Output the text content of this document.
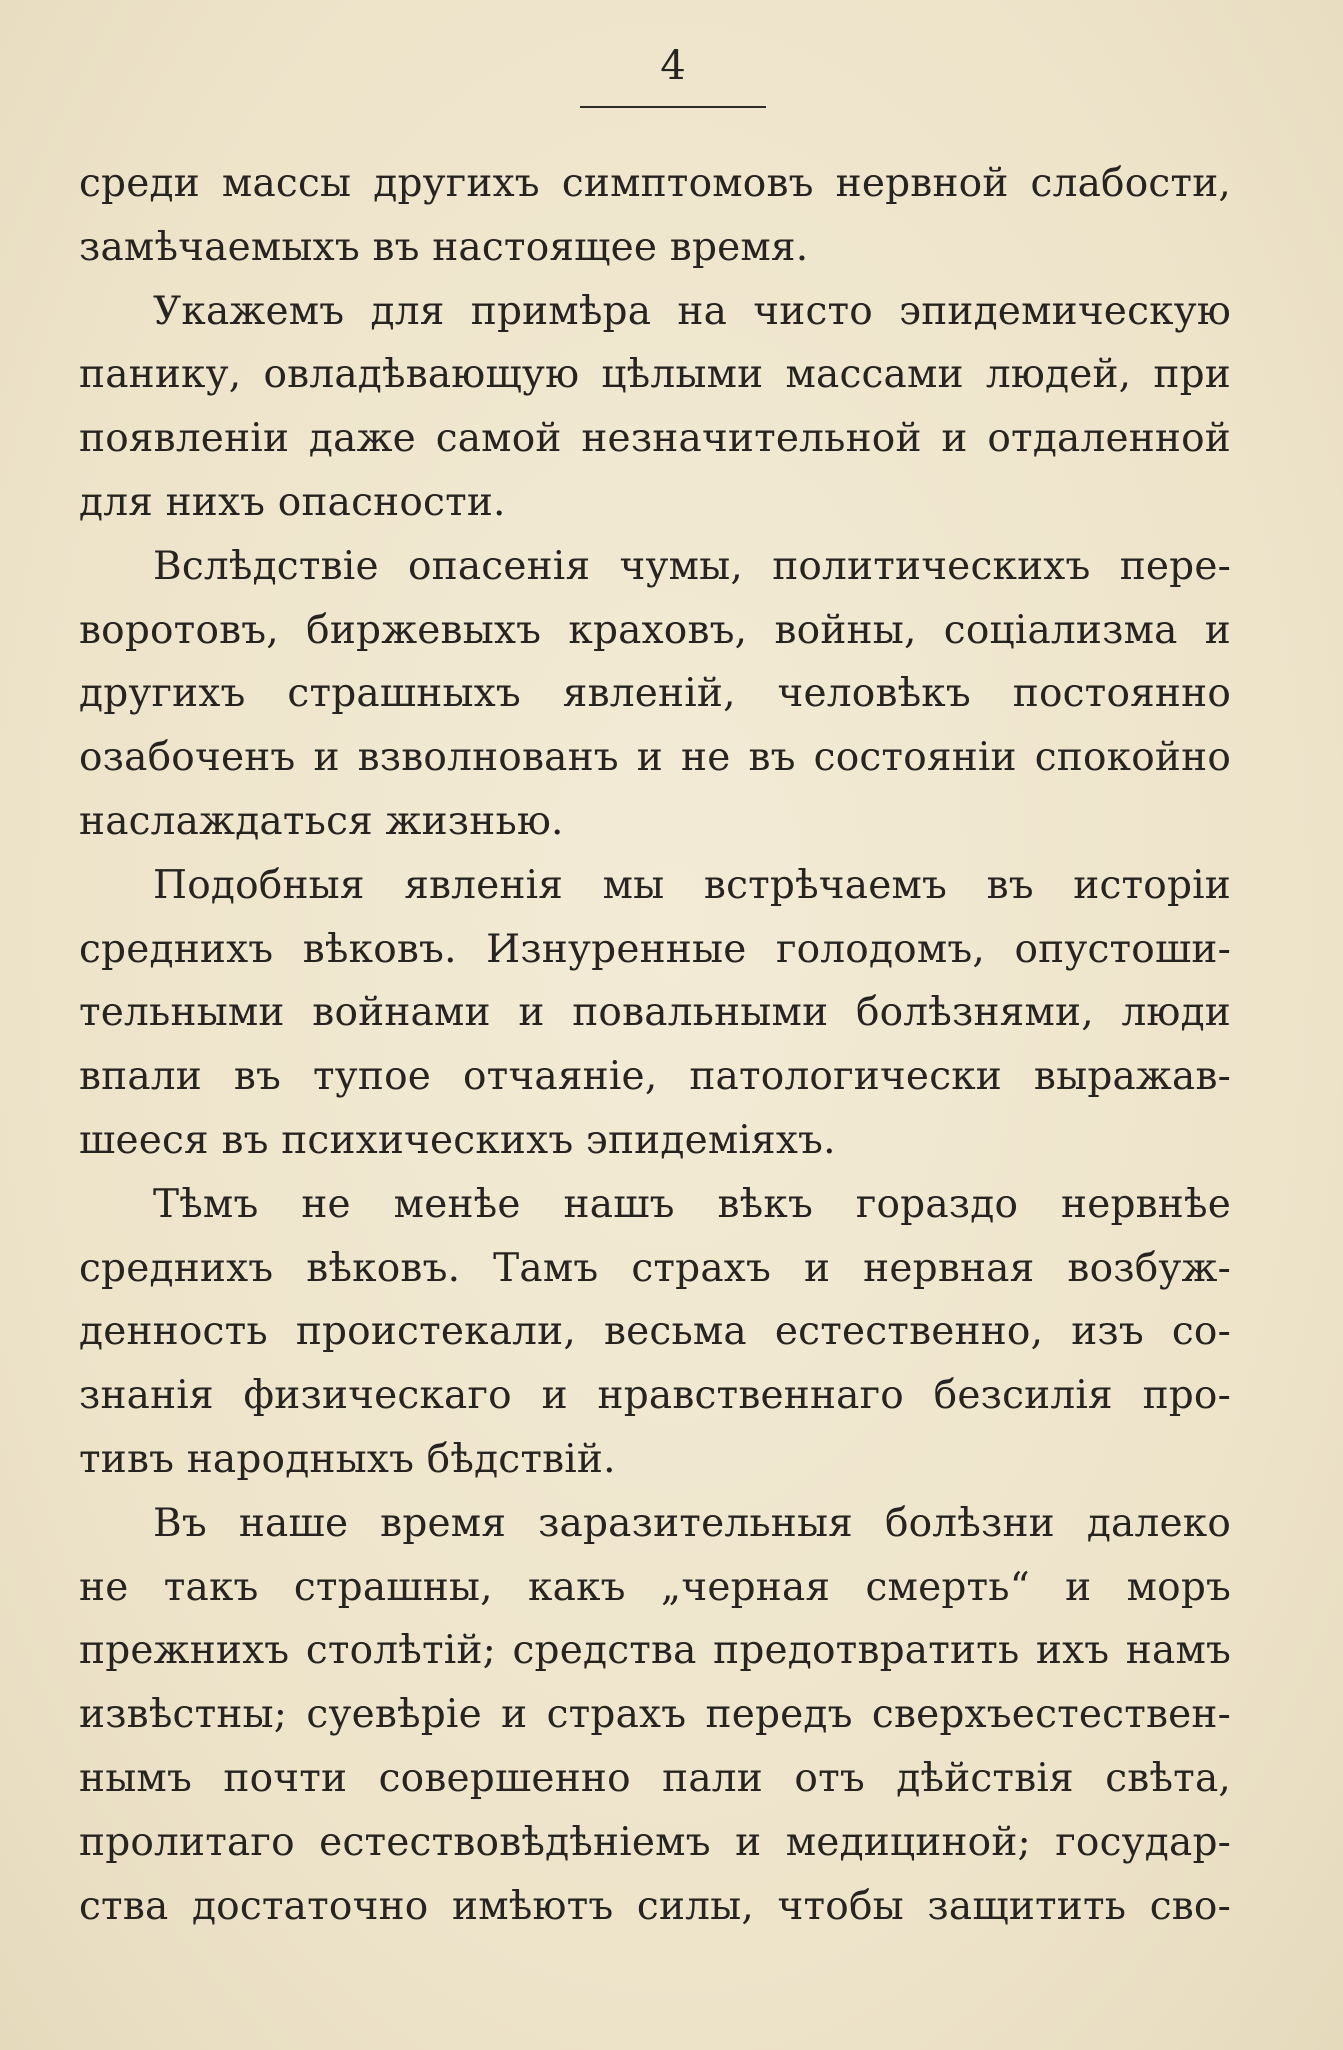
4
среди массы другихъ симптомовъ нервной слабости,
замѣчаемыхъ въ настоящее время.
Укажемъ для примѣра на чисто эпидемическую
панику, овладѣвающую цѣлыми массами людей, при
появленіи даже самой незначительной и отдаленной
для нихъ опасности.
Вслѣдствіе опасенія чумы, политическихъ пере-
воротовъ, биржевыхъ краховъ, войны, соціализма и
другихъ страшныхъ явленій, человѣкъ постоянно
озабоченъ и взволнованъ и не въ состояніи спокойно
наслаждаться жизнью.
Подобныя явленія мы встрѣчаемъ въ исторіи
среднихъ вѣковъ. Изнуренные голодомъ, опустоши-
тельными войнами и повальными болѣзнями, люди
впали въ тупое отчаяніе, патологически выражав-
шееся въ психическихъ эпидеміяхъ.
Тѣмъ не менѣе нашъ вѣкъ гораздо нервнѣе
среднихъ вѣковъ. Тамъ страхъ и нервная возбуж-
денность проистекали, весьма естественно, изъ со-
знанія физическаго и нравственнаго безсилія про-
тивъ народныхъ бѣдствій.
Въ наше время заразительныя болѣзни далеко
не такъ страшны, какъ „черная смерть“ и моръ
прежнихъ столѣтій; средства предотвратить ихъ намъ
извѣстны; суевѣріе и страхъ передъ сверхъестествен-
нымъ почти совершенно пали отъ дѣйствія свѣта,
пролитаго естествовѣдѣніемъ и медициной; государ-
ства достаточно имѣютъ силы, чтобы защитить сво-
